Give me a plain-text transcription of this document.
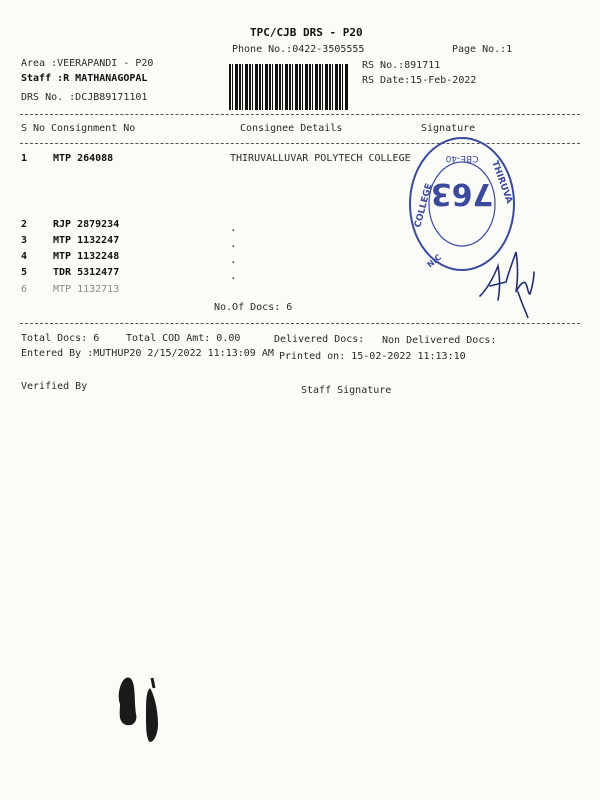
TPC/CJB DRS - P20
Phone No.:0422-3505555	Page No.:1
Area :VEERAPANDI - P20
Staff :R MATHANAGOPAL
DRS No. :DCJB89171101
RS No.:891711
RS Date:15-Feb-2022
S No Consignment No	Consignee Details	Signature
1	MTP 264088	THIRUVALLUVAR POLYTECH COLLEGE
2	RJP 2879234	.
3	MTP 1132247	.
4	MTP 1132248	.
5	TDR 5312477	.
6	MTP 1132713
No.Of Docs: 6
Total Docs: 6	Total COD Amt: 0.00	Delivered Docs: Non Delivered Docs:
Entered By :MUTHUP20 2/15/2022 11:13:09 AM Printed on: 15-02-2022 11:13:10
Verified By	Staff Signature
CBE-40
COLLEGE
THIRUVA
NIC
763
